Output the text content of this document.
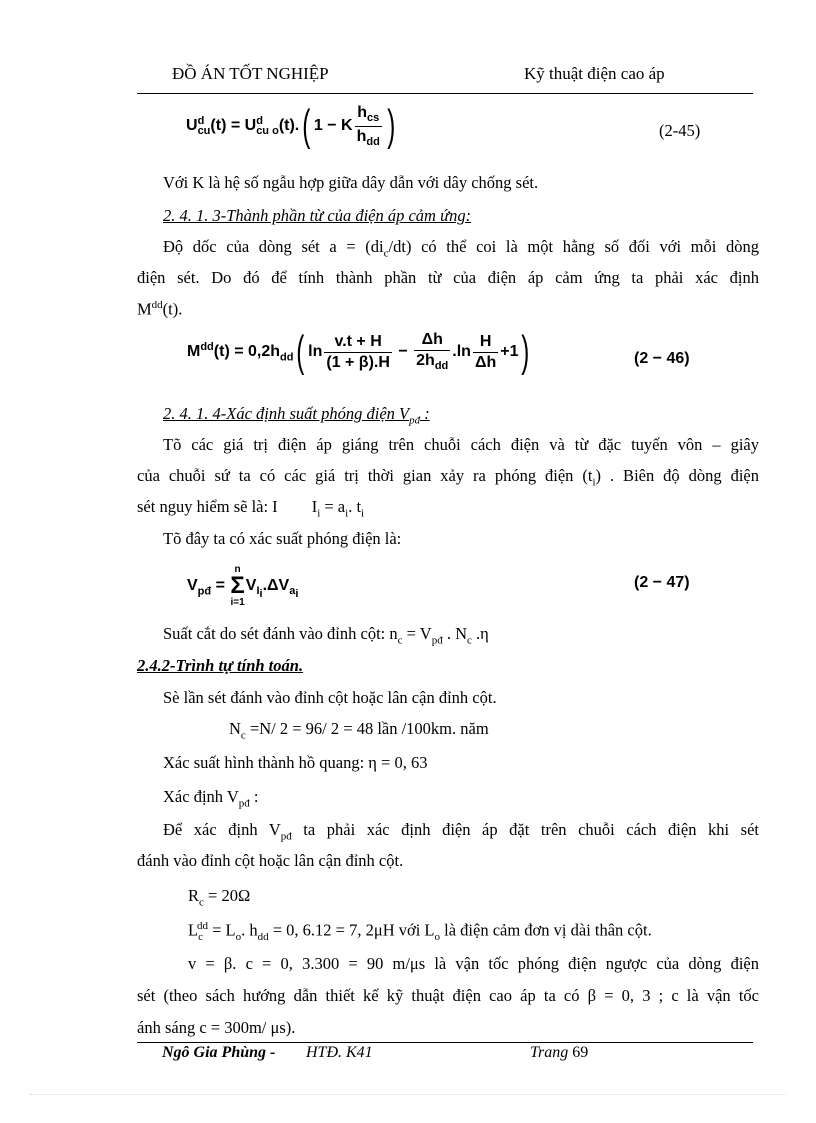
ĐỒ ÁN TỐT NGHIỆP	Kỹ thuật điện cao áp
U d
cu (t) = U d
cu o (t).( 1 − K $\frac{h_{cs}}{h_{dd}}$ )	(2-45)
Với K là hệ số ngẫu hợp giữa dây dẫn với dây chống sét.
2. 4. 1. 3-Thành phần từ của điện áp cảm ứng:
Độ dốc của dòng sét $a = (di_c/dt)$ có thể coi là một hằng số đối với mỗi dòng
điện sét. Do đó để tính thành phần từ của điện áp cảm ứng ta phải xác định
$M^{dd}(t)$.
$M^{dd}(t) = 0,2h_{dd}$( $\ln \frac{v.t + H}{(1 + \beta).H} - \frac{\Delta h}{2h_{dd}} .\ln \frac{H}{\Delta h} +1$)	(2 − 46)
2. 4. 1. 4-Xác định suất phóng điện $V_{pđ}$ :
Tõ các giá trị điện áp giáng trên chuỗi cách điện và từ đặc tuyến vôn – giây
của chuỗi sứ ta có các giá trị thời gian xảy ra phóng điện $(t_i)$ . Biên độ dòng điện
sét nguy hiểm sẽ là: I $I_i = a_i$. $t_i$
Tõ đây ta có xác suất phóng điện là:
$V_{pđ}$ =
n
Σ
i=1
$V_{I_i}.\Delta V_{a_i}$
(2 − 47)
Suất cắt do sét đánh vào đỉnh cột: $n_c = V_{pđ}$ . $N_c$ .η
2.4.2-Trình tự tính toán.
Sè lần sét đánh vào đỉnh cột hoặc lân cận đỉnh cột.
$N_c =N/$ 2 = 96/ 2 = 48 lần /100km. năm
Xác suất hình thành hồ quang: η = 0, 63
Xác định $V_{pđ}$ :
Để xác định $V_{pđ}$ ta phải xác định điện áp đặt trên chuỗi cách điện khi sét
đánh vào đỉnh cột hoặc lân cận đỉnh cột.
$R_c = 20\Omega$
$L_c^{dd} = L_o$. $h_{dd} = 0$, 6.12 = 7, 2μH với $L_o$ là điện cảm đơn vị dài thân cột.
v = β. c = 0, 3.300 = 90 m/μs là vận tốc phóng điện ngược của dòng điện
sét (theo sách hướng dẫn thiết kế kỹ thuật điện cao áp ta có β = 0, 3 ; c là vận tốc
ánh sáng c = 300m/ μs).
Ngô Gia Phùng - HTĐ. K41	Trang 69
